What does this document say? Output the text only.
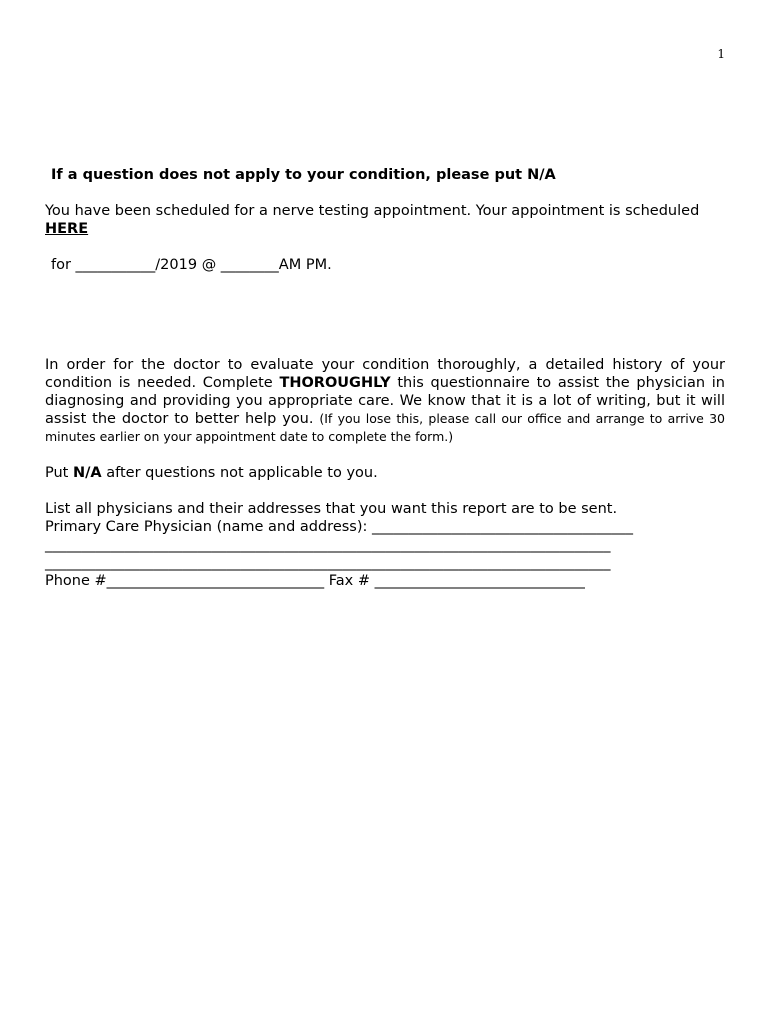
1

If a question does not apply to your condition, please put N/A

You have been scheduled for a nerve testing appointment. Your appointment is scheduled HERE

for ___________/2019 @ ________AM PM.

In order for the doctor to evaluate your condition thoroughly, a detailed history of your condition is needed. Complete THOROUGHLY this questionnaire to assist the physician in diagnosing and providing you appropriate care. We know that it is a lot of writing, but it will assist the doctor to better help you. (If you lose this, please call our office and arrange to arrive 30 minutes earlier on your appointment date to complete the form.)

Put N/A after questions not applicable to you.

List all physicians and their addresses that you want this report are to be sent.

Primary Care Physician (name and address): ____________________________________

______________________________________________________________________________

______________________________________________________________________________

Phone #______________________________ Fax # _____________________________
